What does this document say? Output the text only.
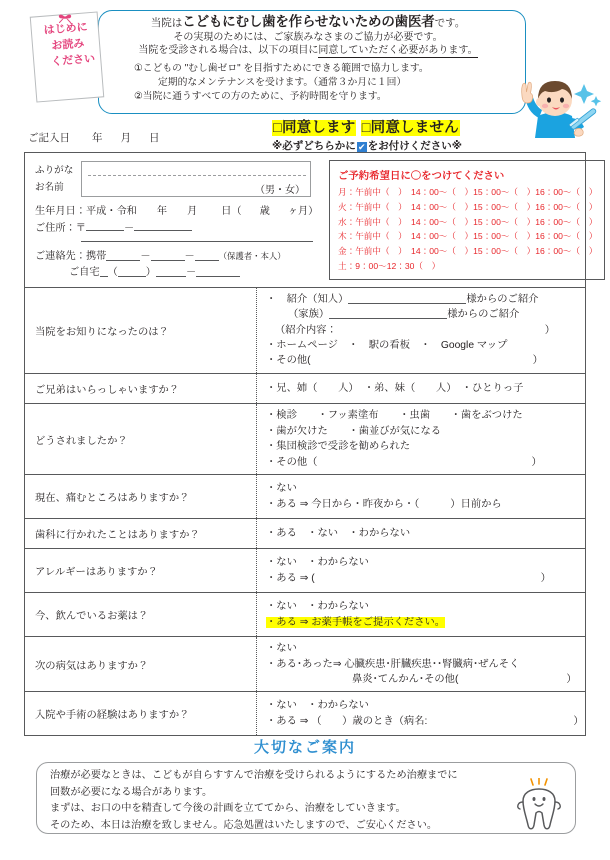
当院はこどもにむし歯を作らせないための歯医者です。
その実現のためには、ご家族みなさまのご協力が必要です。
当院を受診される場合は、以下の項目に同意していただく必要があります。
①こどもの "むし歯ゼロ" を目指すためにできる範囲で協力します。
定期的なメンテナンスを受けます。（通常３か月に１回）
②当院に通うすべての方のために、予約時間を守ります。
はじめに
お読み
ください
□同意します □同意しません
※必ずどちらかに ✔ をお付けください※
ご記入日 年 月 日
ふりがな
お名前	（男・女）
生年月日：平成・令和 年 月 日（ 歳 ヶ月）
ご住所：〒	－
ご連絡先：携帯	－	－	（保護者・本人）
ご自宅 （	）	－
ご予約希望日に〇をつけてください
月：午前中（　）　14：00～（　）15：00～（　）16：00～（　）
火：午前中（　）　14：00～（　）15：00～（　）16：00～（　）
水：午前中（　）　14：00～（　）15：00～（　）16：00～（　）
木：午前中（　）　14：00～（　）15：00～（　）16：00～（　）
金：午前中（　）　14：00～（　）15：00～（　）16：00～（　）
土：9：00～12：30（　）
当院をお知りになったのは？
・　紹介（知人）	様からのご紹介
（家族）	様からのご紹介
（紹介内容：	）
・ホームページ　・　駅の看板　・　Google マップ
・その他(	）
ご兄弟はいらっしゃいますか？	・兄、姉（　　人）　・弟、妹（　　人）　・ひとりっ子
どうされましたか？
・検診　　・フッ素塗布　　・虫歯　　・歯をぶつけた
・歯が欠けた　　・歯並びが気になる
・集団検診で受診を勧められた
・その他（	）
現在、痛むところはありますか？
・ない
・ある ⇒ 今日から・昨夜から・（　　　）日前から
歯科に行かれたことはありますか？	・ある　・ない　・わからない
アレルギーはありますか？
・ない　・わからない
・ある ⇒ (	）
今、飲んでいるお薬は？
・ない　・わからない
・ある ⇒ お薬手帳をご提示ください。
次の病気はありますか？
・ない
・ある･あった⇒ 心臓疾患･肝臓疾患･･腎臓病･ぜんそく
鼻炎･てんかん･その他(	）
入院や手術の経験はありますか？
・ない　・わからない
・ある ⇒ （　　）歳のとき（病名:	）
大切なご案内
治療が必要なときは、こどもが自らすすんで治療を受けられるようにするため治療までに
回数が必要になる場合があります。
まずは、お口の中を精査して今後の計画を立ててから、治療をしていきます。
そのため、本日は治療を致しません。応急処置はいたしますので、ご安心ください。
